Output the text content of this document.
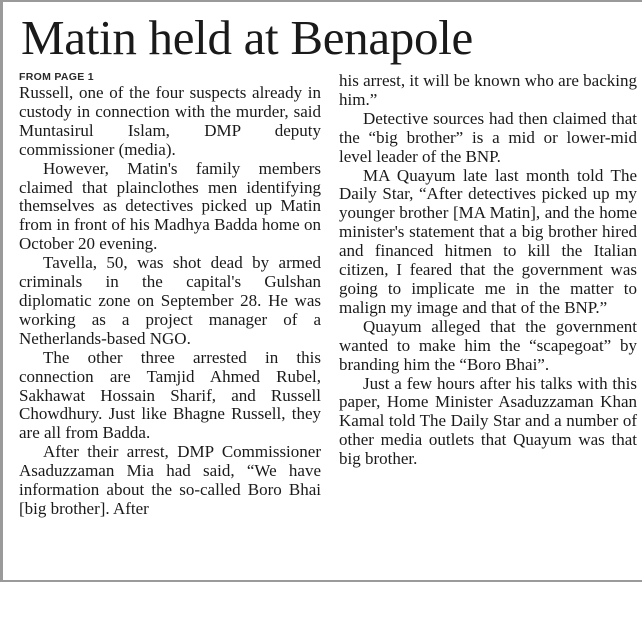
Matin held at Benapole
FROM PAGE 1

Russell, one of the four suspects already in custody in connection with the murder, said Muntasirul Islam, DMP deputy commissioner (media).

However, Matin's family members claimed that plainclothes men identifying themselves as detectives picked up Matin from in front of his Madhya Badda home on October 20 evening.

Tavella, 50, was shot dead by armed criminals in the capital's Gulshan diplomatic zone on September 28. He was working as a project manager of a Netherlands-based NGO.

The other three arrested in this connection are Tamjid Ahmed Rubel, Sakhawat Hossain Sharif, and Russell Chowdhury. Just like Bhagne Russell, they are all from Badda.

After their arrest, DMP Commissioner Asaduzzaman Mia had said, “We have information about the so-called Boro Bhai [big brother]. After

his arrest, it will be known who are backing him.”

Detective sources had then claimed that the “big brother” is a mid or lower-mid level leader of the BNP.

MA Quayum late last month told The Daily Star, “After detectives picked up my younger brother [MA Matin], and the home minister's statement that a big brother hired and financed hitmen to kill the Italian citizen, I feared that the government was going to implicate me in the matter to malign my image and that of the BNP.”

Quayum alleged that the government wanted to make him the “scapegoat” by branding him the “Boro Bhai”.

Just a few hours after his talks with this paper, Home Minister Asaduzzaman Khan Kamal told The Daily Star and a number of other media outlets that Quayum was that big brother.
